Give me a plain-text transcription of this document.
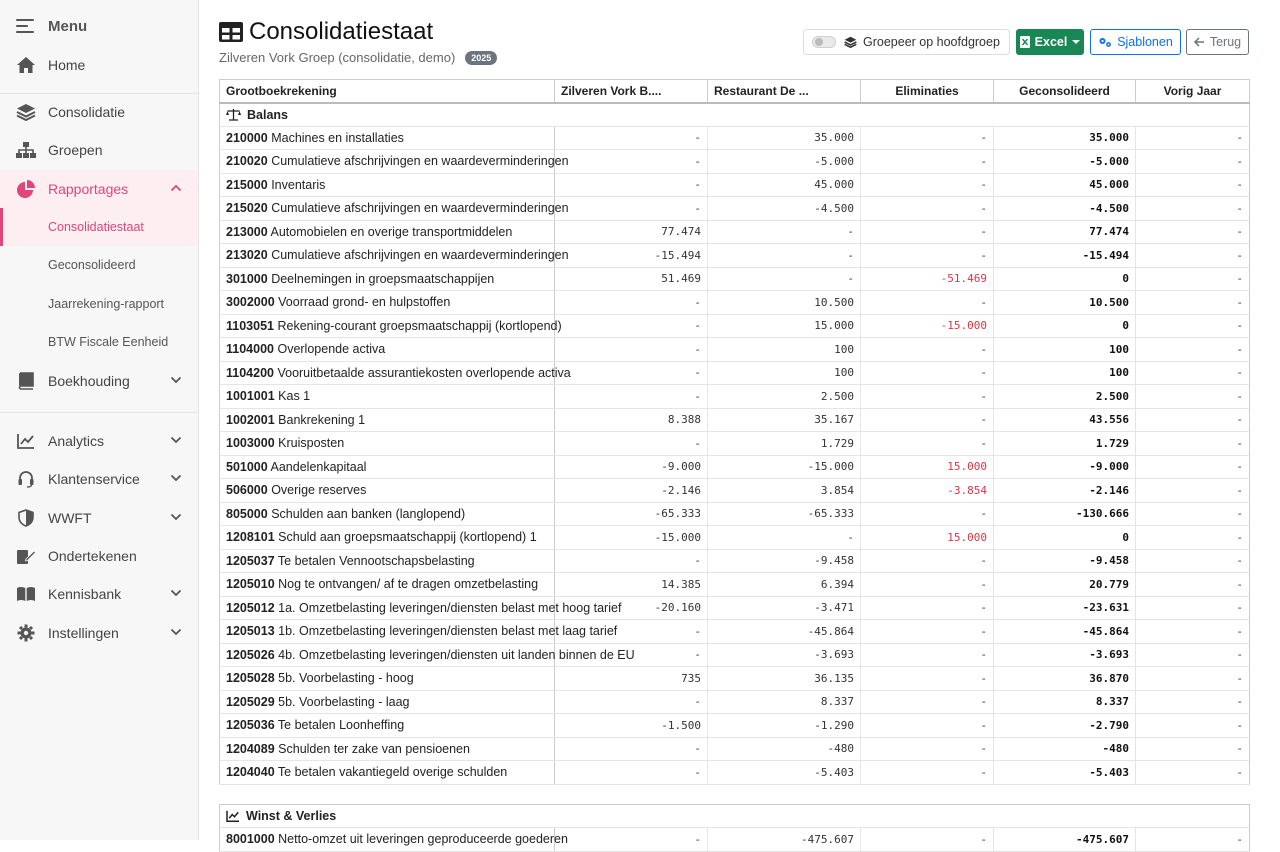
Menu
Home
Consolidatie
Groepen
Rapportages
Consolidatiestaat
Geconsolideerd
Jaarrekening-rapport
BTW Fiscale Eenheid
Boekhouding
Analytics
Klantenservice
WWFT
Ondertekenen
Kennisbank
Instellingen
Consolidatiestaat
Zilveren Vork Groep (consolidatie, demo)	2025
Groepeer op hoofdgroep	Excel	Sjablonen	Terug
Grootboekrekening	Zilveren Vork B....	Restaurant De ...	Eliminaties	Geconsolideerd	Vorig Jaar
Balans					
210000 Machines en installaties	-	35.000	-	35.000	-
210020 Cumulatieve afschrijvingen en waardeverminderingen	-	-5.000	-	-5.000	-
215000 Inventaris	-	45.000	-	45.000	-
215020 Cumulatieve afschrijvingen en waardeverminderingen	-	-4.500	-	-4.500	-
213000 Automobielen en overige transportmiddelen	77.474	-	-	77.474	-
213020 Cumulatieve afschrijvingen en waardeverminderingen	-15.494	-	-	-15.494	-
301000 Deelnemingen in groepsmaatschappijen	51.469	-	-51.469	0	-
3002000 Voorraad grond- en hulpstoffen	-	10.500	-	10.500	-
1103051 Rekening-courant groepsmaatschappij (kortlopend)	-	15.000	-15.000	0	-
1104000 Overlopende activa	-	100	-	100	-
1104200 Vooruitbetaalde assurantiekosten overlopende activa	-	100	-	100	-
1001001 Kas 1	-	2.500	-	2.500	-
1002001 Bankrekening 1	8.388	35.167	-	43.556	-
1003000 Kruisposten	-	1.729	-	1.729	-
501000 Aandelenkapitaal	-9.000	-15.000	15.000	-9.000	-
506000 Overige reserves	-2.146	3.854	-3.854	-2.146	-
805000 Schulden aan banken (langlopend)	-65.333	-65.333	-	-130.666	-
1208101 Schuld aan groepsmaatschappij (kortlopend) 1	-15.000	-	15.000	0	-
1205037 Te betalen Vennootschapsbelasting	-	-9.458	-	-9.458	-
1205010 Nog te ontvangen/ af te dragen omzetbelasting	14.385	6.394	-	20.779	-
1205012 1a. Omzetbelasting leveringen/diensten belast met hoog tarief	-20.160	-3.471	-	-23.631	-
1205013 1b. Omzetbelasting leveringen/diensten belast met laag tarief	-	-45.864	-	-45.864	-
1205026 4b. Omzetbelasting leveringen/diensten uit landen binnen de EU	-	-3.693	-	-3.693	-
1205028 5b. Voorbelasting - hoog	735	36.135	-	36.870	-
1205029 5b. Voorbelasting - laag	-	8.337	-	8.337	-
1205036 Te betalen Loonheffing	-1.500	-1.290	-	-2.790	-
1204089 Schulden ter zake van pensioenen	-	-480	-	-480	-
1204040 Te betalen vakantiegeld overige schulden	-	-5.403	-	-5.403	-

Winst & Verlies					
8001000 Netto-omzet uit leveringen geproduceerde goederen	-	-475.607	-	-475.607	-
